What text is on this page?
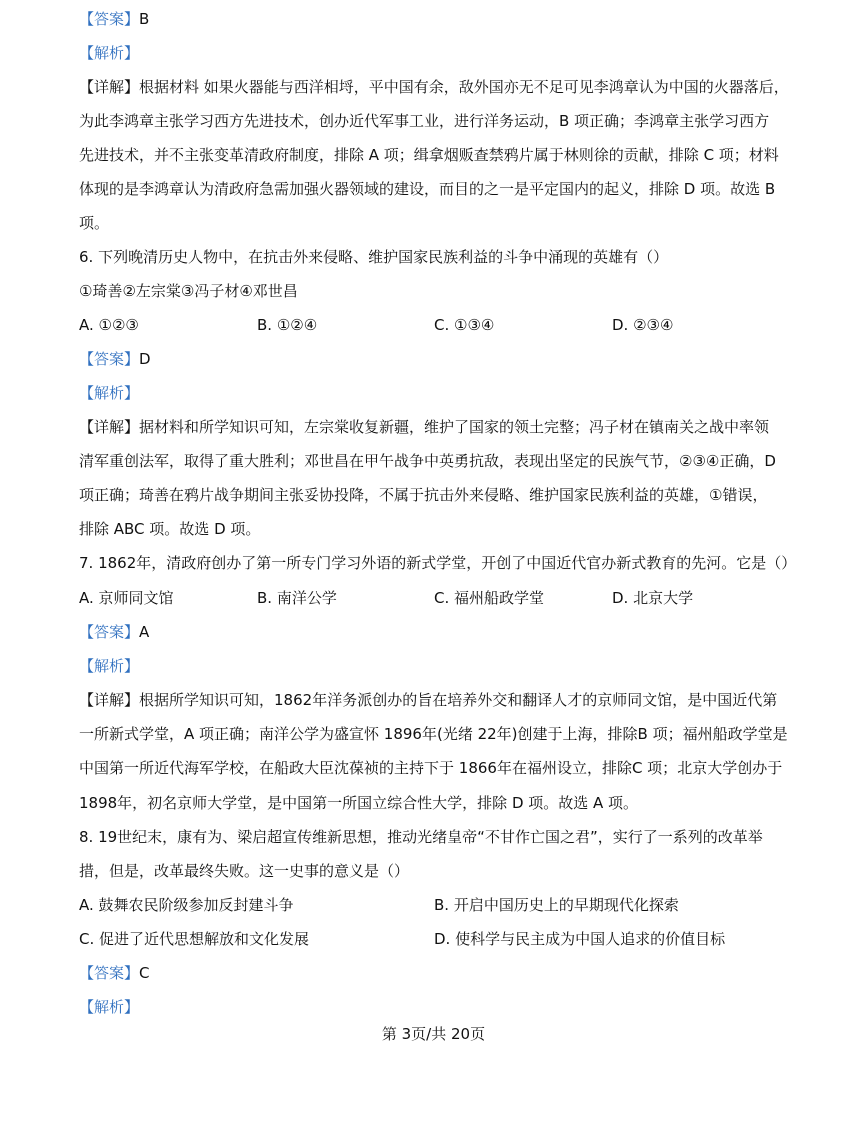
【答案】B
【解析】
【详解】根据材料 如果火器能与西洋相埒，平中国有余，敌外国亦无不足可见李鸿章认为中国的火器落后，
为此李鸿章主张学习西方先进技术，创办近代军事工业，进行洋务运动，B 项正确；李鸿章主张学习西方
先进技术，并不主张变革清政府制度，排除 A 项；缉拿烟贩查禁鸦片属于林则徐的贡献，排除 C 项；材料
体现的是李鸿章认为清政府急需加强火器领域的建设，而目的之一是平定国内的起义，排除 D 项。故选 B
项。
6. 下列晚清历史人物中，在抗击外来侵略、维护国家民族利益的斗争中涌现的英雄有（）
①琦善②左宗棠③冯子材④邓世昌
A. ①②③	B. ①②④	C. ①③④	D. ②③④
【答案】D
【解析】
【详解】据材料和所学知识可知，左宗棠收复新疆，维护了国家的领土完整；冯子材在镇南关之战中率领
清军重创法军，取得了重大胜利；邓世昌在甲午战争中英勇抗敌，表现出坚定的民族气节，②③④正确，D
项正确；琦善在鸦片战争期间主张妥协投降，不属于抗击外来侵略、维护国家民族利益的英雄，①错误，
排除 ABC 项。故选 D 项。
7. 1862年，清政府创办了第一所专门学习外语的新式学堂，开创了中国近代官办新式教育的先河。它是（）
A. 京师同文馆	B. 南洋公学	C. 福州船政学堂	D. 北京大学
【答案】A
【解析】
【详解】根据所学知识可知，1862年洋务派创办的旨在培养外交和翻译人才的京师同文馆，是中国近代第
一所新式学堂，A 项正确；南洋公学为盛宣怀 1896年(光绪 22年)创建于上海，排除B 项；福州船政学堂是
中国第一所近代海军学校，在船政大臣沈葆祯的主持下于 1866年在福州设立，排除C 项；北京大学创办于
1898年，初名京师大学堂，是中国第一所国立综合性大学，排除 D 项。故选 A 项。
8. 19世纪末，康有为、梁启超宣传维新思想，推动光绪皇帝“不甘作亡国之君”，实行了一系列的改革举
措，但是，改革最终失败。这一史事的意义是（）
A. 鼓舞农民阶级参加反封建斗争	B. 开启中国历史上的早期现代化探索
C. 促进了近代思想解放和文化发展	D. 使科学与民主成为中国人追求的价值目标
【答案】C
【解析】
第 3页/共 20页
